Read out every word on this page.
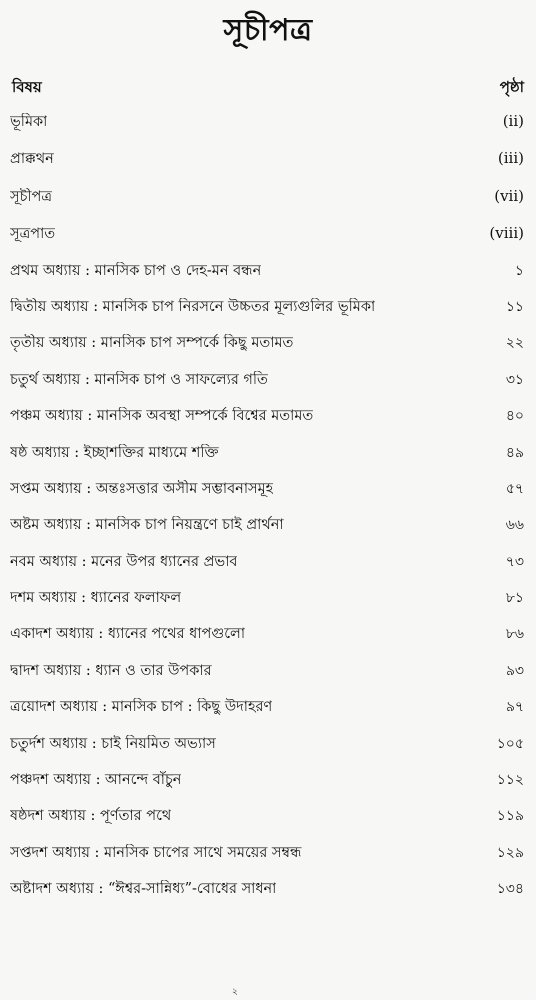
সূচীপত্র
বিষয়	পৃষ্ঠা
ভূমিকা	(ii)
প্রাক্কথন	(iii)
সূচীপত্র	(vii)
সূত্রপাত	(viii)
প্রথম অধ্যায় : মানসিক চাপ ও দেহ-মন বন্ধন	১
দ্বিতীয় অধ্যায় : মানসিক চাপ নিরসনে উচ্চতর মূল্যগুলির ভূমিকা	১১
তৃতীয় অধ্যায় : মানসিক চাপ সম্পর্কে কিছু মতামত	২২
চতুর্থ অধ্যায় : মানসিক চাপ ও সাফল্যের গতি	৩১
পঞ্চম অধ্যায় : মানসিক অবস্থা সম্পর্কে বিশ্বের মতামত	৪০
ষষ্ঠ অধ্যায় : ইচ্ছাশক্তির মাধ্যমে শক্তি	৪৯
সপ্তম অধ্যায় : অন্তঃসত্তার অসীম সম্ভাবনাসমূহ	৫৭
অষ্টম অধ্যায় : মানসিক চাপ নিয়ন্ত্রণে চাই প্রার্থনা	৬৬
নবম অধ্যায় : মনের উপর ধ্যানের প্রভাব	৭৩
দশম অধ্যায় : ধ্যানের ফলাফল	৮১
একাদশ অধ্যায় : ধ্যানের পথের ধাপগুলো	৮৬
দ্বাদশ অধ্যায় : ধ্যান ও তার উপকার	৯৩
ত্রয়োদশ অধ্যায় : মানসিক চাপ : কিছু উদাহরণ	৯৭
চতুর্দশ অধ্যায় : চাই নিয়মিত অভ্যাস	১০৫
পঞ্চদশ অধ্যায় : আনন্দে বাঁচুন	১১২
ষষ্ঠদশ অধ্যায় : পূর্ণতার পথে	১১৯
সপ্তদশ অধ্যায় : মানসিক চাপের সাথে সময়ের সম্বন্ধ	১২৯
অষ্টাদশ অধ্যায় : “ঈশ্বর-সান্নিধ্য”-বোধের সাধনা	১৩৪
২
